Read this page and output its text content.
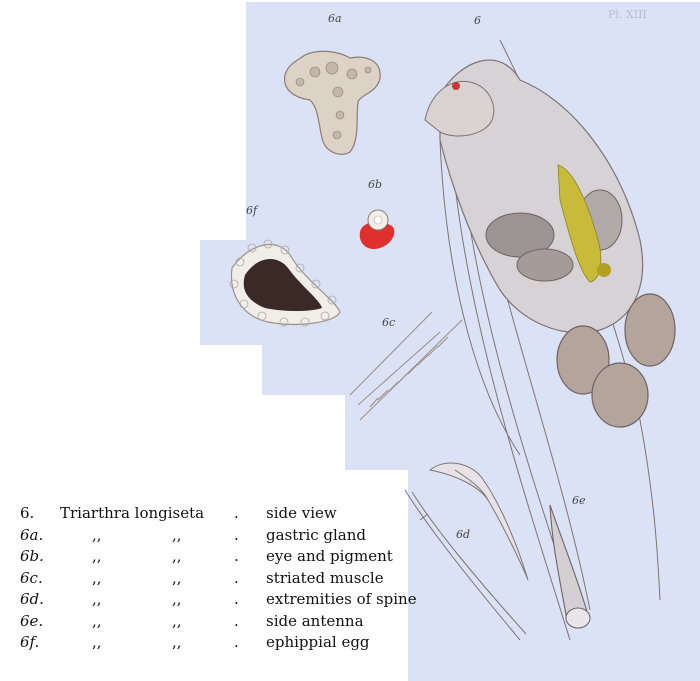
Pl. XIII
6a	6
6b
6f
6c
6d
6e
6. Triarthra longiseta . side view
6a.	,,	,,	. gastric gland
6b.	,,	,,	. eye and pigment
6c.	,,	,,	. striated muscle
6d.	,,	,,	. extremities of spine
6e.	,,	,,	. side antenna
6f.	,,	,,	. ephippial egg
